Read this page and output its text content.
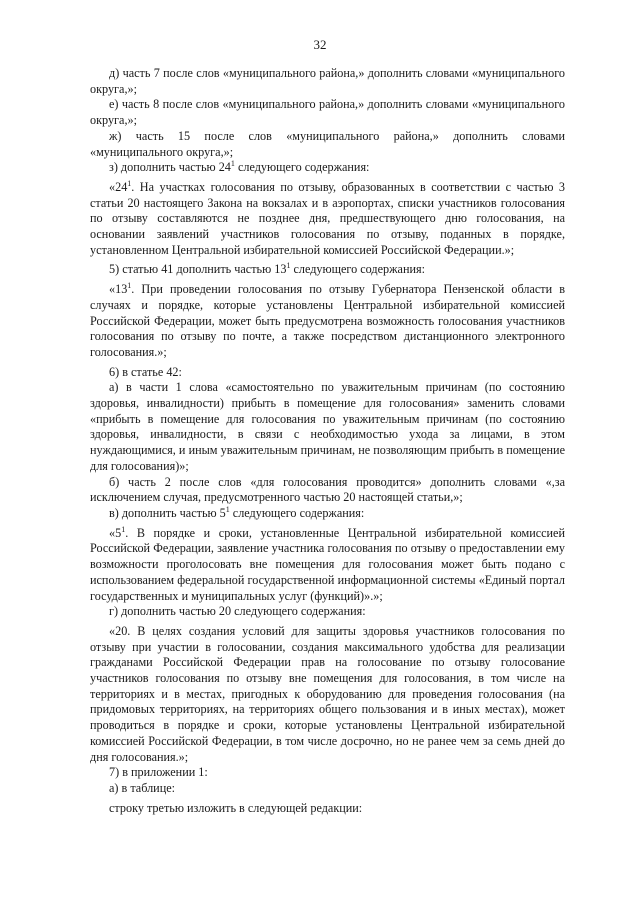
32

д) часть 7 после слов «муниципального района,» дополнить словами «муниципального округа,»;

е) часть 8 после слов «муниципального района,» дополнить словами «муниципального округа,»;

ж) часть 15 после слов «муниципального района,» дополнить словами «муниципального округа,»;

з) дополнить частью $24^1$ следующего содержания:

«$24^1$. На участках голосования по отзыву, образованных в соответствии с частью 3 статьи 20 настоящего Закона на вокзалах и в аэропортах, списки участников голосования по отзыву составляются не позднее дня, предшествующего дню голосования, на основании заявлений участников голосования по отзыву, поданных в порядке, установленном Центральной избирательной комиссией Российской Федерации.»;

5) статью 41 дополнить частью $13^1$ следующего содержания:

«$13^1$. При проведении голосования по отзыву Губернатора Пензенской области в случаях и порядке, которые установлены Центральной избирательной комиссией Российской Федерации, может быть предусмотрена возможность голосования участников голосования по отзыву по почте, а также посредством дистанционного электронного голосования.»;

6) в статье 42:

а) в части 1 слова «самостоятельно по уважительным причинам (по состоянию здоровья, инвалидности) прибыть в помещение для голосования» заменить словами «прибыть в помещение для голосования по уважительным причинам (по состоянию здоровья, инвалидности, в связи с необходимостью ухода за лицами, в этом нуждающимися, и иным уважительным причинам, не позволяющим прибыть в помещение для голосования)»;

б) часть 2 после слов «для голосования проводится» дополнить словами «,за исключением случая, предусмотренного частью 20 настоящей статьи,»;

в) дополнить частью $5^1$ следующего содержания:

«$5^1$. В порядке и сроки, установленные Центральной избирательной комиссией Российской Федерации, заявление участника голосования по отзыву о предоставлении ему возможности проголосовать вне помещения для голосования может быть подано с использованием федеральной государственной информационной системы «Единый портал государственных и муниципальных услуг (функций)».»;

г) дополнить частью 20 следующего содержания:

«20. В целях создания условий для защиты здоровья участников голосования по отзыву при участии в голосовании, создания максимального удобства для реализации гражданами Российской Федерации прав на голосование по отзыву голосование участников голосования по отзыву вне помещения для голосования, в том числе на территориях и в местах, пригодных к оборудованию для проведения голосования (на придомовых территориях, на территориях общего пользования и в иных местах), может проводиться в порядке и сроки, которые установлены Центральной избирательной комиссией Российской Федерации, в том числе досрочно, но не ранее чем за семь дней до дня голосования.»;

7) в приложении 1:

а) в таблице:

строку третью изложить в следующей редакции:
